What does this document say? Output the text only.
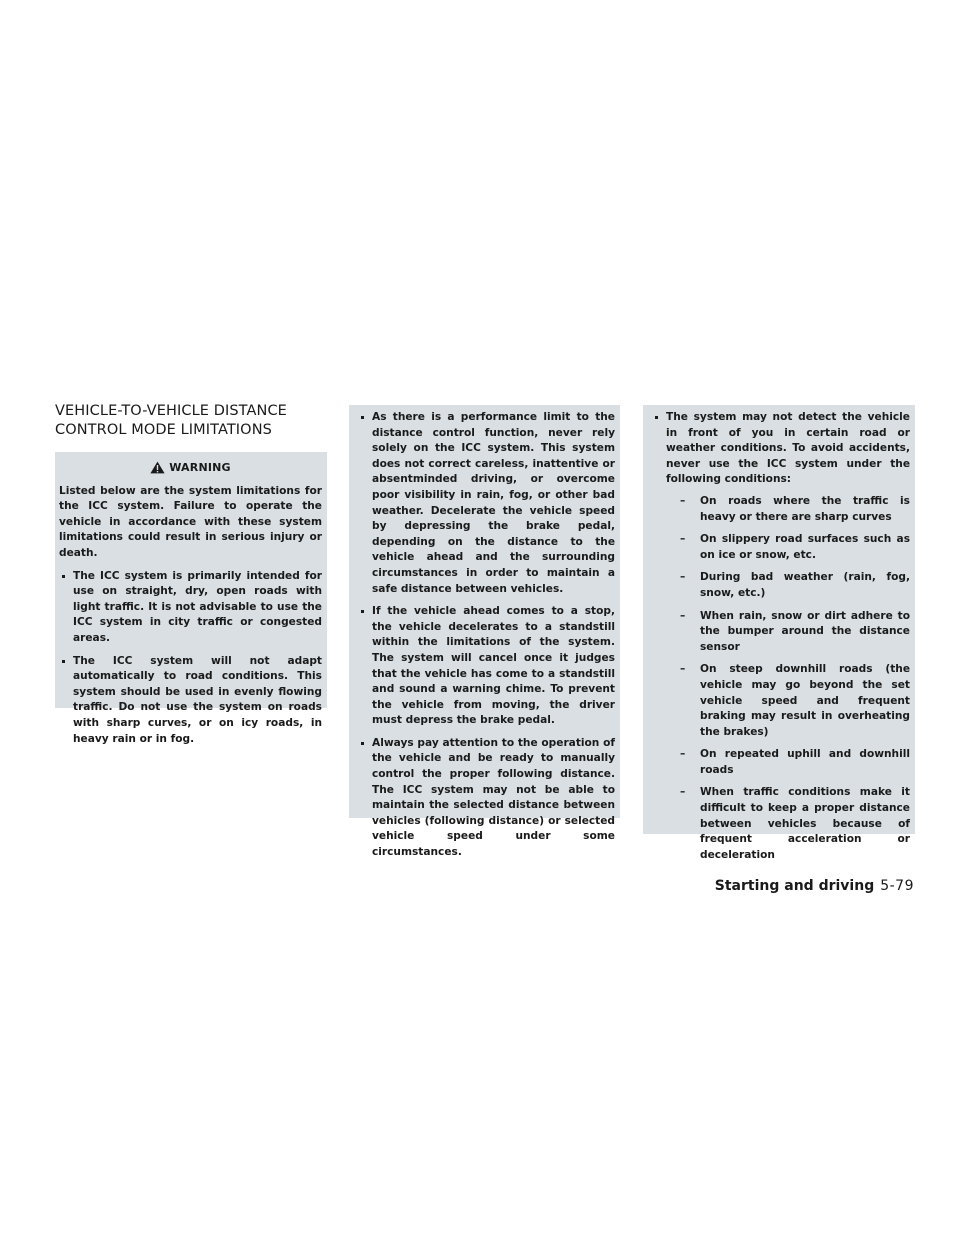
VEHICLE-TO-VEHICLE DISTANCE
CONTROL MODE LIMITATIONS
WARNING

Listed below are the system limitations for the ICC system. Failure to operate the vehicle in accordance with these system limitations could result in serious injury or death.

The ICC system is primarily intended for use on straight, dry, open roads with light traffic. It is not advisable to use the ICC system in city traffic or congested areas.
The ICC system will not adapt automatically to road conditions. This system should be used in evenly flowing traffic. Do not use the system on roads with sharp curves, or on icy roads, in heavy rain or in fog.
As there is a performance limit to the distance control function, never rely solely on the ICC system. This system does not correct careless, inattentive or absentminded driving, or overcome poor visibility in rain, fog, or other bad weather. Decelerate the vehicle speed by depressing the brake pedal, depending on the distance to the vehicle ahead and the surrounding circumstances in order to maintain a safe distance between vehicles.
If the vehicle ahead comes to a stop, the vehicle decelerates to a standstill within the limitations of the system. The system will cancel once it judges that the vehicle has come to a standstill and sound a warning chime. To prevent the vehicle from moving, the driver must depress the brake pedal.
Always pay attention to the operation of the vehicle and be ready to manually control the proper following distance. The ICC system may not be able to maintain the selected distance between vehicles (following distance) or selected vehicle speed under some circumstances.
The system may not detect the vehicle in front of you in certain road or weather conditions. To avoid accidents, never use the ICC system under the following conditions:
– On roads where the traffic is heavy or there are sharp curves
– On slippery road surfaces such as on ice or snow, etc.
– During bad weather (rain, fog, snow, etc.)
– When rain, snow or dirt adhere to the bumper around the distance sensor
– On steep downhill roads (the vehicle may go beyond the set vehicle speed and frequent braking may result in overheating the brakes)
– On repeated uphill and downhill roads
– When traffic conditions make it difficult to keep a proper distance between vehicles because of frequent acceleration or deceleration
Starting and driving 5-79
